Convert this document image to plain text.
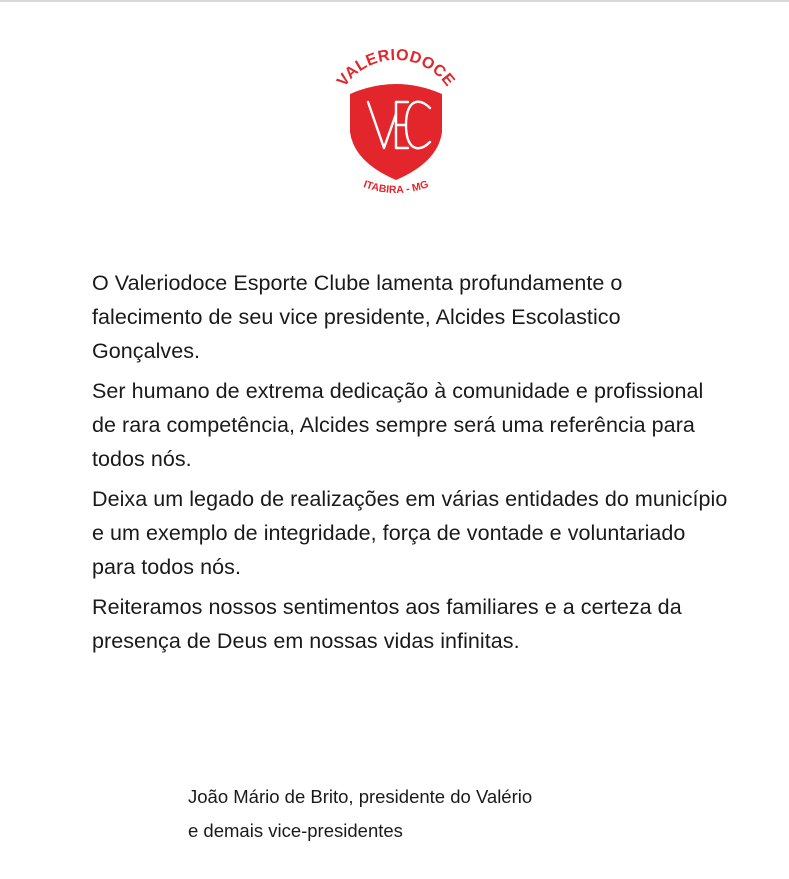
VALERIODOCE
ITABIRA - MG

O Valeriodoce Esporte Clube lamenta profundamente o falecimento de seu vice presidente, Alcides Escolastico Gonçalves.

Ser humano de extrema dedicação à comunidade e profissional de rara competência, Alcides sempre será uma referência para todos nós.

Deixa um legado de realizações em várias entidades do município e um exemplo de integridade, força de vontade e voluntariado para todos nós.

Reiteramos nossos sentimentos aos familiares e a certeza da presença de Deus em nossas vidas infinitas.

João Mário de Brito, presidente do Valério
e demais vice-presidentes
